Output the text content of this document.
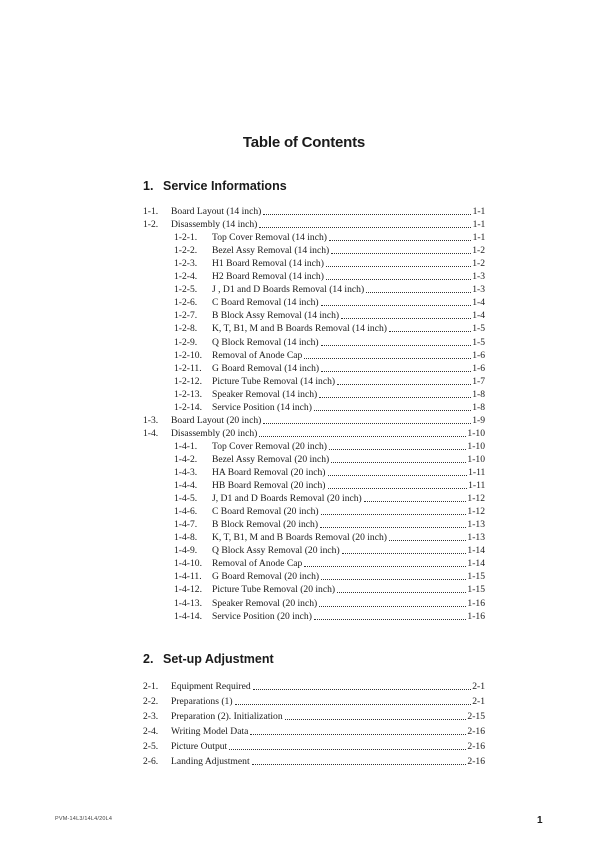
Table of Contents
1. Service Informations
1-1. Board Layout (14 inch)	1-1
1-2. Disassembly (14 inch)	1-1
1-2-1. Top Cover Removal (14 inch)	1-1
1-2-2. Bezel Assy Removal (14 inch)	1-2
1-2-3. H1 Board Removal (14 inch)	1-2
1-2-4. H2 Board Removal (14 inch)	1-3
1-2-5. J , D1 and D Boards Removal (14 inch)	1-3
1-2-6. C Board Removal (14 inch)	1-4
1-2-7. B Block Assy Removal (14 inch)	1-4
1-2-8. K, T, B1, M and B Boards Removal (14 inch)	1-5
1-2-9. Q Block Removal (14 inch)	1-5
1-2-10. Removal of Anode Cap	1-6
1-2-11. G Board Removal (14 inch)	1-6
1-2-12. Picture Tube Removal (14 inch)	1-7
1-2-13. Speaker Removal (14 inch)	1-8
1-2-14. Service Position (14 inch)	1-8
1-3. Board Layout (20 inch)	1-9
1-4. Disassembly (20 inch)	1-10
1-4-1. Top Cover Removal (20 inch)	1-10
1-4-2. Bezel Assy Removal (20 inch)	1-10
1-4-3. HA Board Removal (20 inch)	1-11
1-4-4. HB Board Removal (20 inch)	1-11
1-4-5. J, D1 and D Boards Removal (20 inch)	1-12
1-4-6. C Board Removal (20 inch)	1-12
1-4-7. B Block Removal (20 inch)	1-13
1-4-8. K, T, B1, M and B Boards Removal (20 inch)	1-13
1-4-9. Q Block Assy Removal (20 inch)	1-14
1-4-10. Removal of Anode Cap	1-14
1-4-11. G Board Removal (20 inch)	1-15
1-4-12. Picture Tube Removal (20 inch)	1-15
1-4-13. Speaker Removal (20 inch)	1-16
1-4-14. Service Position (20 inch)	1-16
2. Set-up Adjustment
2-1. Equipment Required	2-1
2-2. Preparations (1)	2-1
2-3. Preparation (2). Initialization	2-15
2-4. Writing Model Data	2-16
2-5. Picture Output	2-16
2-6. Landing Adjustment	2-16
PVM-14L3/14L4/20L4	1
